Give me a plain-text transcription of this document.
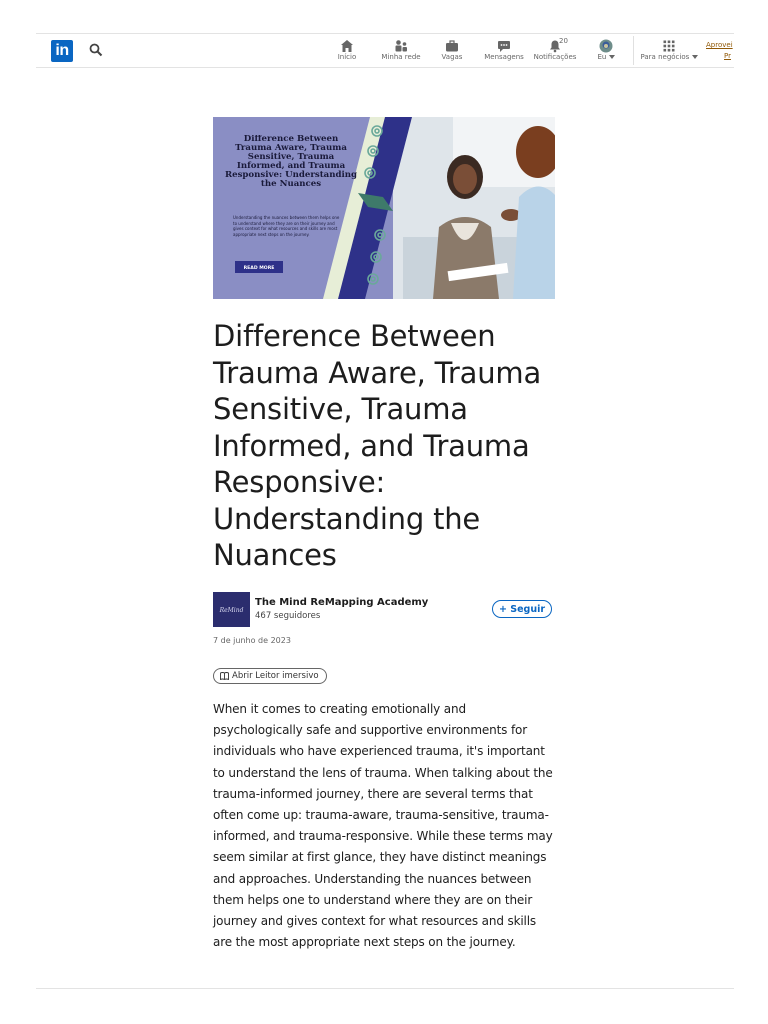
in	Início	Minha rede	Vagas	Mensagens Notificações
20
Eu	Para negócios
Aprovei
Pr
Difference Between Trauma Aware, Trauma Sensitive, Trauma Informed, and Trauma Responsive: Understanding the Nuances
Understanding the nuances between them helps one to understand where they are on their journey and gives context for what resources and skills are most appropriate next steps on the journey.
READ MORE
Difference Between Trauma Aware, Trauma Sensitive, Trauma Informed, and Trauma Responsive: Understanding the Nuances
ReMind
The Mind ReMapping Academy
467 seguidores
+ Seguir
7 de junho de 2023
Abrir Leitor imersivo

When it comes to creating emotionally and psychologically safe and supportive environments for individuals who have experienced trauma, it's important to understand the lens of trauma. When talking about the trauma-informed journey, there are several terms that often come up: trauma-aware, trauma-sensitive, trauma-informed, and trauma-responsive. While these terms may seem similar at first glance, they have distinct meanings and approaches. Understanding the nuances between them helps one to understand where they are on their journey and gives context for what resources and skills are the most appropriate next steps on the journey.
